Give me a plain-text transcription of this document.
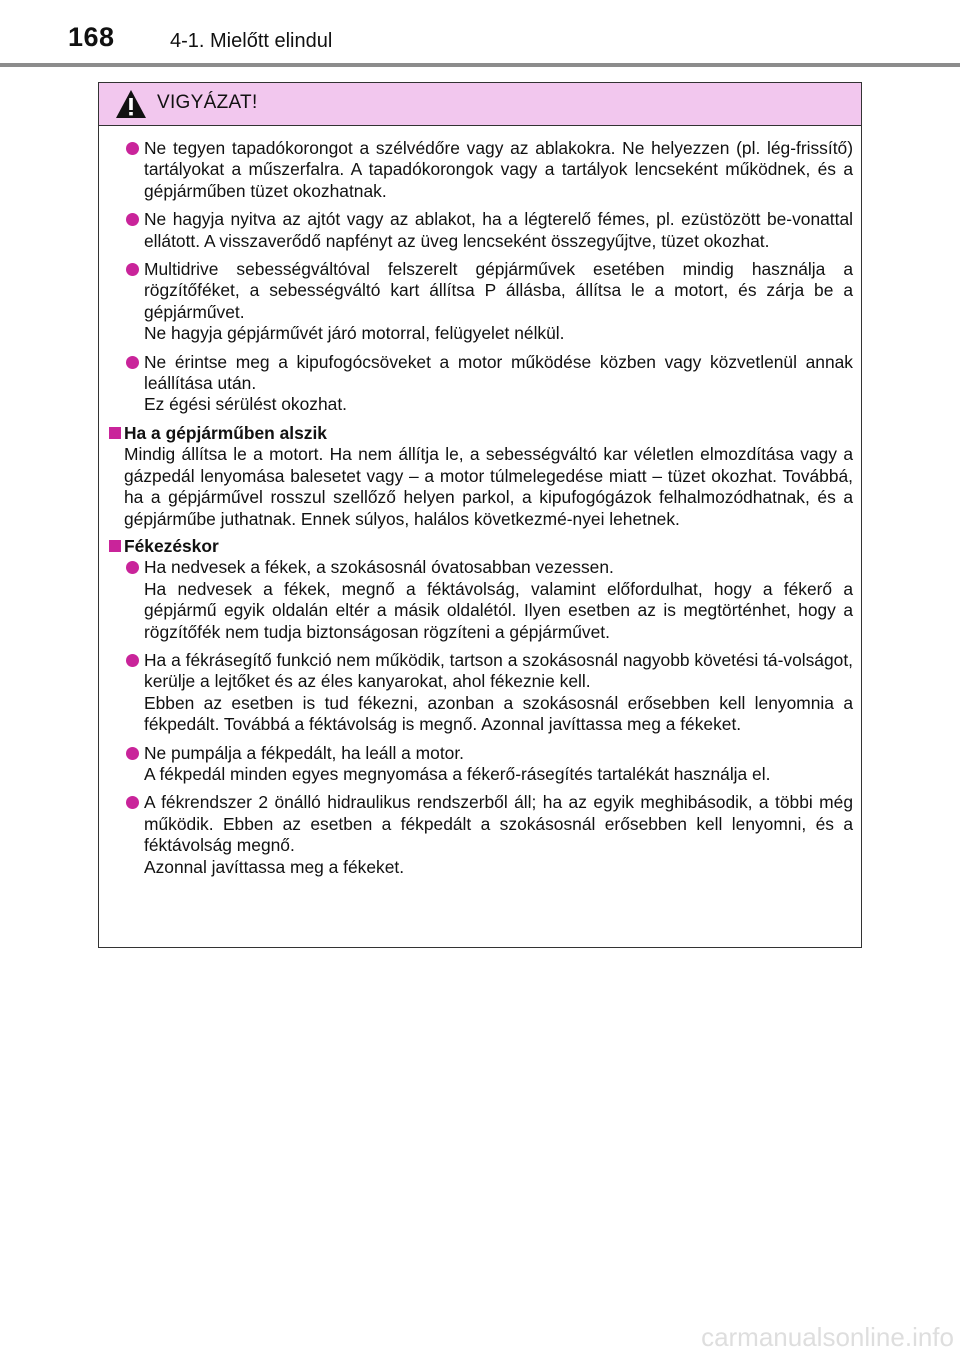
168	4-1. Mielőtt elindul
VIGYÁZAT!

Ne tegyen tapadókorongot a szélvédőre vagy az ablakokra. Ne helyezzen (pl. lég-frissítő) tartályokat a műszerfalra. A tapadókorongok vagy a tartályok lencseként működnek, és a gépjárműben tüzet okozhatnak.

Ne hagyja nyitva az ajtót vagy az ablakot, ha a légterelő fémes, pl. ezüstözött be-vonattal ellátott. A visszaverődő napfényt az üveg lencseként összegyűjtve, tüzet okozhat.

Multidrive sebességváltóval felszerelt gépjárművek esetében mindig használja a rögzítőféket, a sebességváltó kart állítsa P állásba, állítsa le a motort, és zárja be a gépjárművet.

Ne hagyja gépjárművét járó motorral, felügyelet nélkül.

Ne érintse meg a kipufogócsöveket a motor működése közben vagy közvetlenül annak leállítása után.

Ez égési sérülést okozhat.

Ha a gépjárműben alszik

Mindig állítsa le a motort. Ha nem állítja le, a sebességváltó kar véletlen elmozdítása vagy a gázpedál lenyomása balesetet vagy – a motor túlmelegedése miatt – tüzet okozhat. Továbbá, ha a gépjárművel rosszul szellőző helyen parkol, a kipufogógázok felhalmozódhatnak, és a gépjárműbe juthatnak. Ennek súlyos, halálos következmé-nyei lehetnek.

Fékezéskor

Ha nedvesek a fékek, a szokásosnál óvatosabban vezessen.

Ha nedvesek a fékek, megnő a féktávolság, valamint előfordulhat, hogy a fékerő a gépjármű egyik oldalán eltér a másik oldalétól. Ilyen esetben az is megtörténhet, hogy a rögzítőfék nem tudja biztonságosan rögzíteni a gépjárművet.

Ha a fékrásegítő funkció nem működik, tartson a szokásosnál nagyobb követési tá-volságot, kerülje a lejtőket és az éles kanyarokat, ahol fékeznie kell.

Ebben az esetben is tud fékezni, azonban a szokásosnál erősebben kell lenyomnia a fékpedált. Továbbá a féktávolság is megnő. Azonnal javíttassa meg a fékeket.

Ne pumpálja a fékpedált, ha leáll a motor.

A fékpedál minden egyes megnyomása a fékerő-rásegítés tartalékát használja el.

A fékrendszer 2 önálló hidraulikus rendszerből áll; ha az egyik meghibásodik, a többi még működik. Ebben az esetben a fékpedált a szokásosnál erősebben kell lenyomni, és a féktávolság megnő.

Azonnal javíttassa meg a fékeket.

carmanualsonline.info
